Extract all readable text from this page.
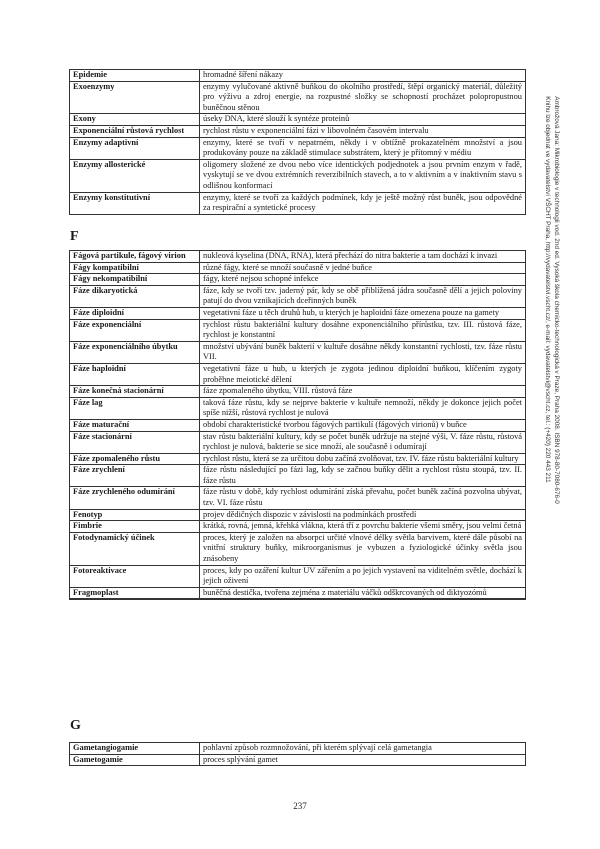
Ambrožová Jana: Mikrobiologie v technologii vod. 2nd ed. Vysoká škola chemicko-technologická v Praze, Praha 2008. ISBN 978-80-7080-676-0
Knihu lze objednat ve vydavatelství VŠCHT Praha, http://vydavatelstvi.vscht.cz/, e-mail: vydavatelstvi@vscht.cz, tel.: (+420) 220 443 211
Epidemie	hromadné šíření nákazy
Exoenzymy	enzymy vylučované aktivně buňkou do okolního prostředí, štěpí organický materiál, důležitý pro výživu a zdroj energie, na rozpustné složky se schopností procházet polopropustnou buněčnou stěnou
Exony	úseky DNA, které slouží k syntéze proteinů
Exponenciální růstová rychlost	rychlost růstu v exponenciální fázi v libovolném časovém intervalu
Enzymy adaptivní	enzymy, které se tvoří v nepatrném, někdy i v obtížně prokazatelném množství a jsou produkovány pouze na základě stimulace substrátem, který je přítomný v médiu
Enzymy allosterické	oligomery složené ze dvou nebo více identických podjednotek a jsou prvním enzym v řadě, vyskytují se ve dvou extrémních reverzibilních stavech, a to v aktivním a v inaktivním stavu s odlišnou konformací
Enzymy konstitutivní	enzymy, které se tvoří za každých podmínek, kdy je ještě možný růst buněk, jsou odpovědné za respirační a syntetické procesy
F
Fágová partikule, fágový virion	nukleová kyselina (DNA, RNA), která přechází do nitra bakterie a tam dochází k invazi
Fágy kompatibilní	různé fágy, které se množí současně v jedné buňce
Fágy nekompatibilní	fágy, které nejsou schopné infekce
Fáze dikaryotická	fáze, kdy se tvoří tzv. jaderný pár, kdy se obě přiblížená jádra současně dělí a jejich poloviny patují do dvou vznikajících dceřinných buněk
Fáze diploidní	vegetativní fáze u těch druhů hub, u kterých je haploidní fáze omezena pouze na gamety
Fáze exponenciální	rychlost růstu bakteriální kultury dosáhne exponenciálního přírůstku, tzv. III. růstová fáze, rychlost je konstantní
Fáze exponenciálního úbytku	množství ubývání buněk bakterií v kultuře dosáhne někdy konstantní rychlosti, tzv. fáze růstu VII.
Fáze haploidní	vegetativní fáze u hub, u kterých je zygota jedinou diploidní buňkou, klíčením zygoty proběhne meiotické dělení
Fáze konečná stacionární	fáze zpomaleného úbytku, VIII. růstová fáze
Fáze lag	taková fáze růstu, kdy se nejprve bakterie v kultuře nemnoží, někdy je dokonce jejich počet spíše nižší, růstová rychlost je nulová
Fáze maturační	období charakteristické tvorbou fágových partikulí (fágových virionů) v buňce
Fáze stacionární	stav růstu bakteriální kultury, kdy se počet buněk udržuje na stejné výši, V. fáze růstu, růstová rychlost je nulová, bakterie se sice množí, ale současně i odumírají
Fáze zpomaleného růstu	rychlost růstu, která se za určitou dobu začíná zvolňovat, tzv. IV. fáze růstu bakteriální kultury
Fáze zrychlení	fáze růstu následující po fázi lag, kdy se začnou buňky dělit a rychlost růstu stoupá, tzv. II. fáze růstu
Fáze zrychleného odumírání	fáze růstu v době, kdy rychlost odumírání získá převahu, počet buněk začíná pozvolna ubývat, tzv. VI. fáze růstu
Fenotyp	projev dědičných dispozic v závislosti na podmínkách prostředí
Fimbrie	krátká, rovná, jemná, křehká vlákna, která tří z povrchu bakterie všemi směry, jsou velmi četná
Fotodynamický účinek	proces, který je založen na absorpci určité vlnové délky světla barvivem, které dále působí na vnitřní struktury buňky, mikroorganismus je vybuzen a fyziologické účinky světla jsou znásobeny
Fotoreaktivace	proces, kdy po ozáření kultur UV zářením a po jejich vystavení na viditelném světle, dochází k jejich oživení
Fragmoplast	buněčná destička, tvořena zejména z materiálu váčků odškrcovaných od diktyozómů

G
Gametangiogamie	pohlavní způsob rozmnožování, při kterém splývají celá gametangia
Gametogamie	proces splývání gamet
237
